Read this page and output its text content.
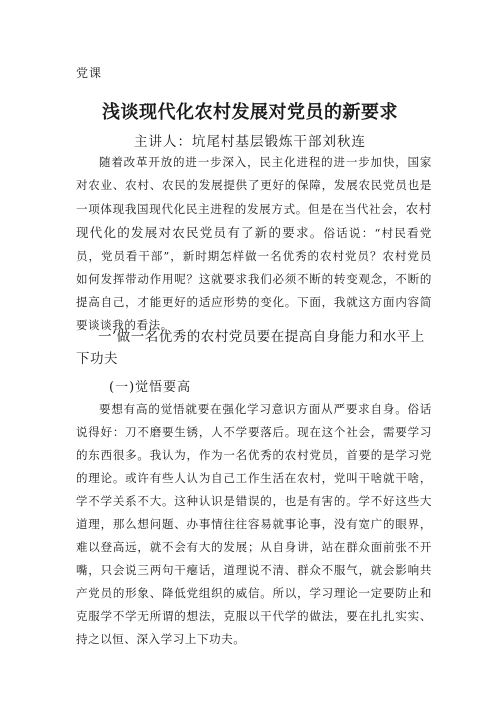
党课
浅谈现代化农村发展对党员的新要求
主讲人：坑尾村基层锻炼干部刘秋连
随着改革开放的进一步深入，民主化进程的进一步加快，国家对农业、农村、农民的发展提供了更好的保障，发展农民党员也是一项体现我国现代化民主进程的发展方式。但是在当代社会，农村现代化的发展对农民党员有了新的要求。俗话说：“村民看党员，党员看干部”，新时期怎样做一名优秀的农村党员？农村党员如何发挥带动作用呢？这就要求我们必须不断的转变观念，不断的提高自己，才能更好的适应形势的变化。下面，我就这方面内容简要谈谈我的看法。
一’做一名优秀的农村党员要在提高自身能力和水平上下功夫
(一)觉悟要高
要想有高的觉悟就要在强化学习意识方面从严要求自身。俗话说得好：刀不磨要生锈，人不学要落后。现在这个社会，需要学习的东西很多。我认为，作为一名优秀的农村党员，首要的是学习党的理论。或许有些人认为自己工作生活在农村，党叫干啥就干啥，学不学关系不大。这种认识是错误的，也是有害的。学不好这些大道理，那么想问题、办事情往往容易就事论事，没有宽广的眼界，难以登高远，就不会有大的发展；从自身讲，站在群众面前张不开嘴，只会说三两句干瘪话，道理说不清、群众不服气，就会影响共产党员的形象、降低党组织的威信。所以，学习理论一定要防止和克服学不学无所谓的想法，克服以干代学的做法，要在扎扎实实、持之以恒、深入学习上下功夫。
